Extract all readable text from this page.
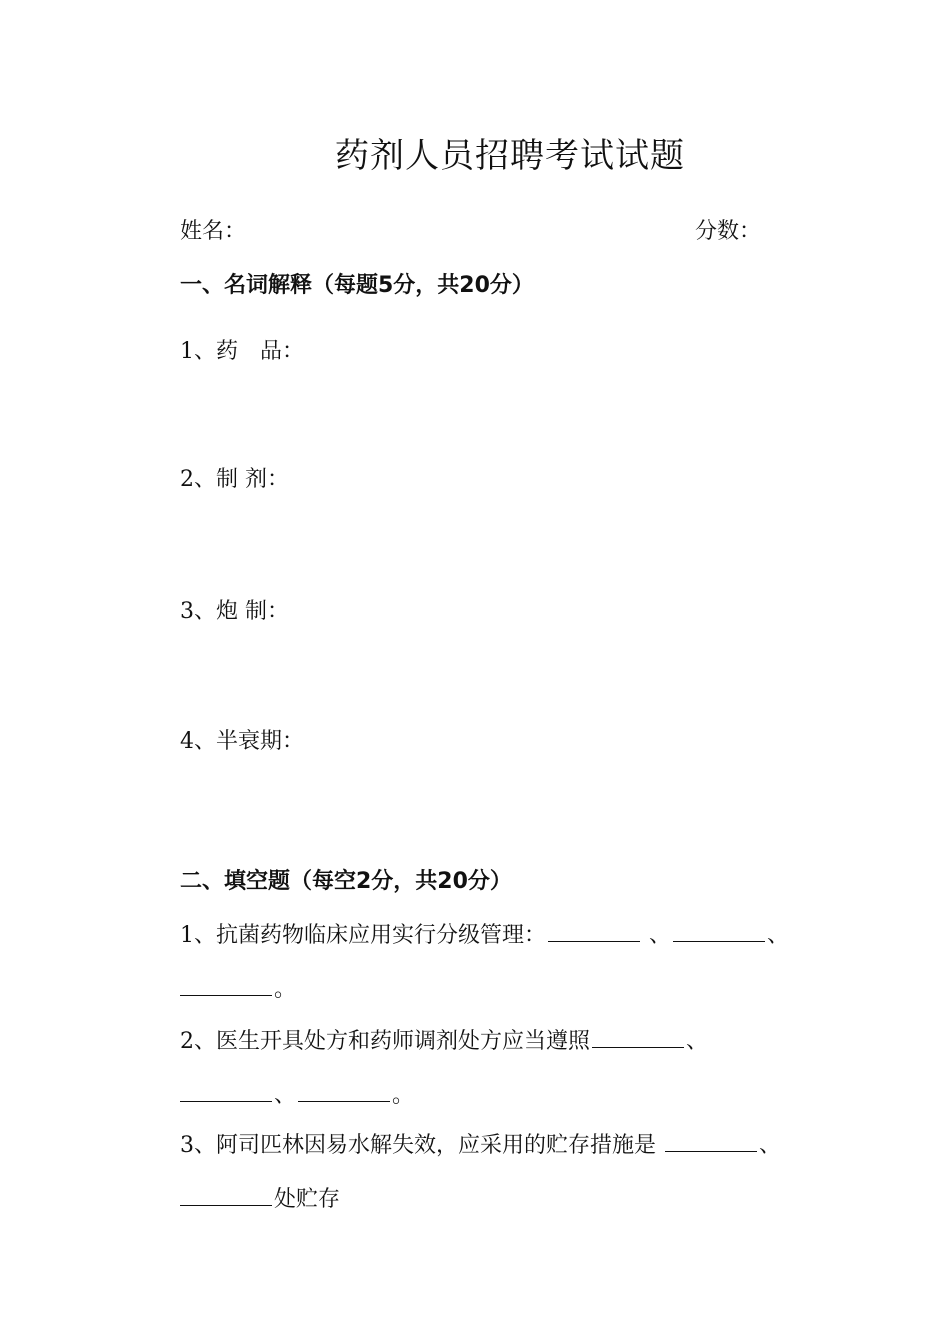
药剂人员招聘考试试题
姓名：	分数：
一、名词解释（每题5分，共20分）
1、药　品：
2、制 剂：
3、炮 制：
4、半衰期：
二、填空题（每空2分，共20分）
1、抗菌药物临床应用实行分级管理：	、	、
。
2、医生开具处方和药师调剂处方应当遵照	、
、	。
3、阿司匹林因易水解失效，应采用的贮存措施是	、
处贮存
